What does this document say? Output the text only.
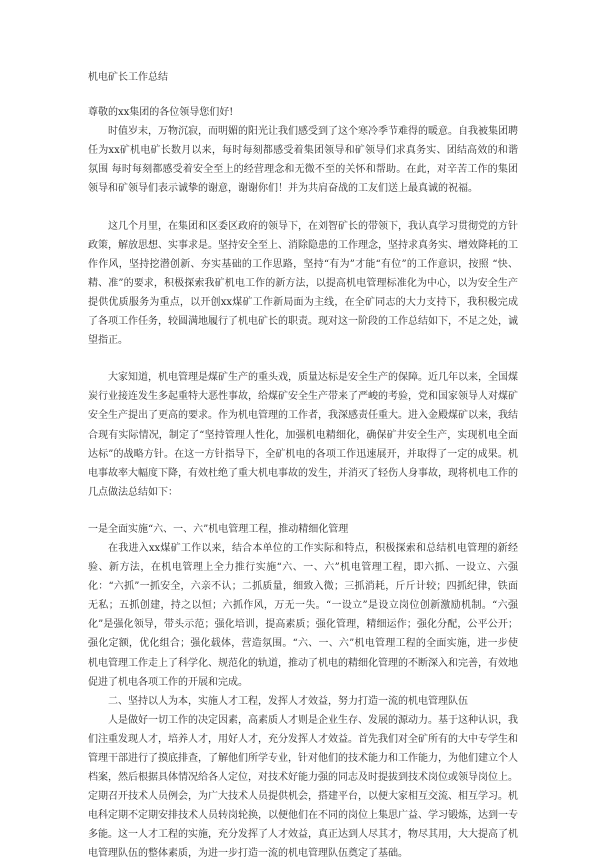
机电矿长工作总结
尊敬的xx集团的各位领导您们好!

时值岁末，万物沉寂，而明媚的阳光让我们感受到了这个寒冷季节难得的暖意。自我被集团聘任为xx矿机电矿长数月以来，每时每刻都感受着集团领导和矿领导们求真务实、团结高效的和谐氛围 每时每刻都感受着安全至上的经营理念和无微不至的关怀和帮助。在此，对辛苦工作的集团领导和矿领导们表示诚挚的谢意，谢谢你们！并为共肩奋战的工友们送上最真诚的祝福。

这几个月里，在集团和区委区政府的领导下，在刘智矿长的带领下，我认真学习贯彻党的方针政策，解放思想、实事求是。坚持安全至上、消除隐患的工作理念，坚持求真务实、增效降耗的工作作风，坚持挖潜创新、夯实基础的工作思路，坚持“有为”才能“有位”的工作意识，按照 “快、精、准”的要求，积极探索我矿机电工作的新方法，以提高机电管理标准化为中心，以为安全生产提供优质服务为重点，以开创xx煤矿工作新局面为主线，在全矿同志的大力支持下，我积极完成了各项工作任务，较圆满地履行了机电矿长的职责。现对这一阶段的工作总结如下，不足之处，诚望指正。

大家知道，机电管理是煤矿生产的重头戏，质量达标是安全生产的保障。近几年以来，全国煤炭行业接连发生多起重特大恶性事故，给煤矿安全生产带来了严峻的考验，党和国家领导人对煤矿安全生产提出了更高的要求。作为机电管理的工作者，我深感责任重大。进入金殿煤矿以来，我结合现有实际情况，制定了“坚持管理人性化，加强机电精细化，确保矿井安全生产，实现机电全面达标”的战略方针。在这一方针指导下，全矿机电的各项工作迅速展开，并取得了一定的成果。机电事故率大幅度下降，有效杜绝了重大机电事故的发生，并消灭了轻伤人身事故，现将机电工作的几点做法总结如下：

一是全面实施“六、一、六”机电管理工程，推动精细化管理

在我进入xx煤矿工作以来，结合本单位的工作实际和特点，积极探索和总结机电管理的新经验、新方法，在机电管理上全力推行实施“六、一、六”机电管理工程，即六抓、一设立、六强化：“六抓”一抓安全，六亲不认；二抓质量，细致入微；三抓消耗，斤斤计较；四抓纪律，铁面无私；五抓创建，持之以恒；六抓作风，万无一失。“一设立”是设立岗位创新激励机制。“六强化”是强化领导，带头示范；强化培训，提高素质；强化管理，精细运作；强化分配，公平公开；强化定额，优化组合；强化载体，营造氛围。“六、一、六”机电管理工程的全面实施，进一步使机电管理工作走上了科学化、规范化的轨道，推动了机电的精细化管理的不断深入和完善，有效地促进了机电各项工作的开展和完成。

二、坚持以人为本，实施人才工程，发挥人才效益，努力打造一流的机电管理队伍

人是做好一切工作的决定因素，高素质人才则是企业生存、发展的源动力。基于这种认识，我们注重发现人才，培养人才，用好人才，充分发挥人才效益。首先我们对全矿所有的大中专学生和管理干部进行了摸底排查，了解他们所学专业，针对他们的技术能力和工作能力，为他们建立个人档案，然后根据具体情况给各人定位，对技术好能力强的同志及时提拔到技术岗位或领导岗位上。定期召开技术人员例会，为广大技术人员提供机会，搭建平台，以便大家相互交流、相互学习。机电科定期不定期安排技术人员转岗轮换，以便他们在不同的岗位上集思广益、学习锻炼，达到一专多能。这一人才工程的实施，充分发挥了人才效益，真正达到人尽其才，物尽其用，大大提高了机电管理队伍的整体素质，为进一步打造一流的机电管理队伍奠定了基础。
